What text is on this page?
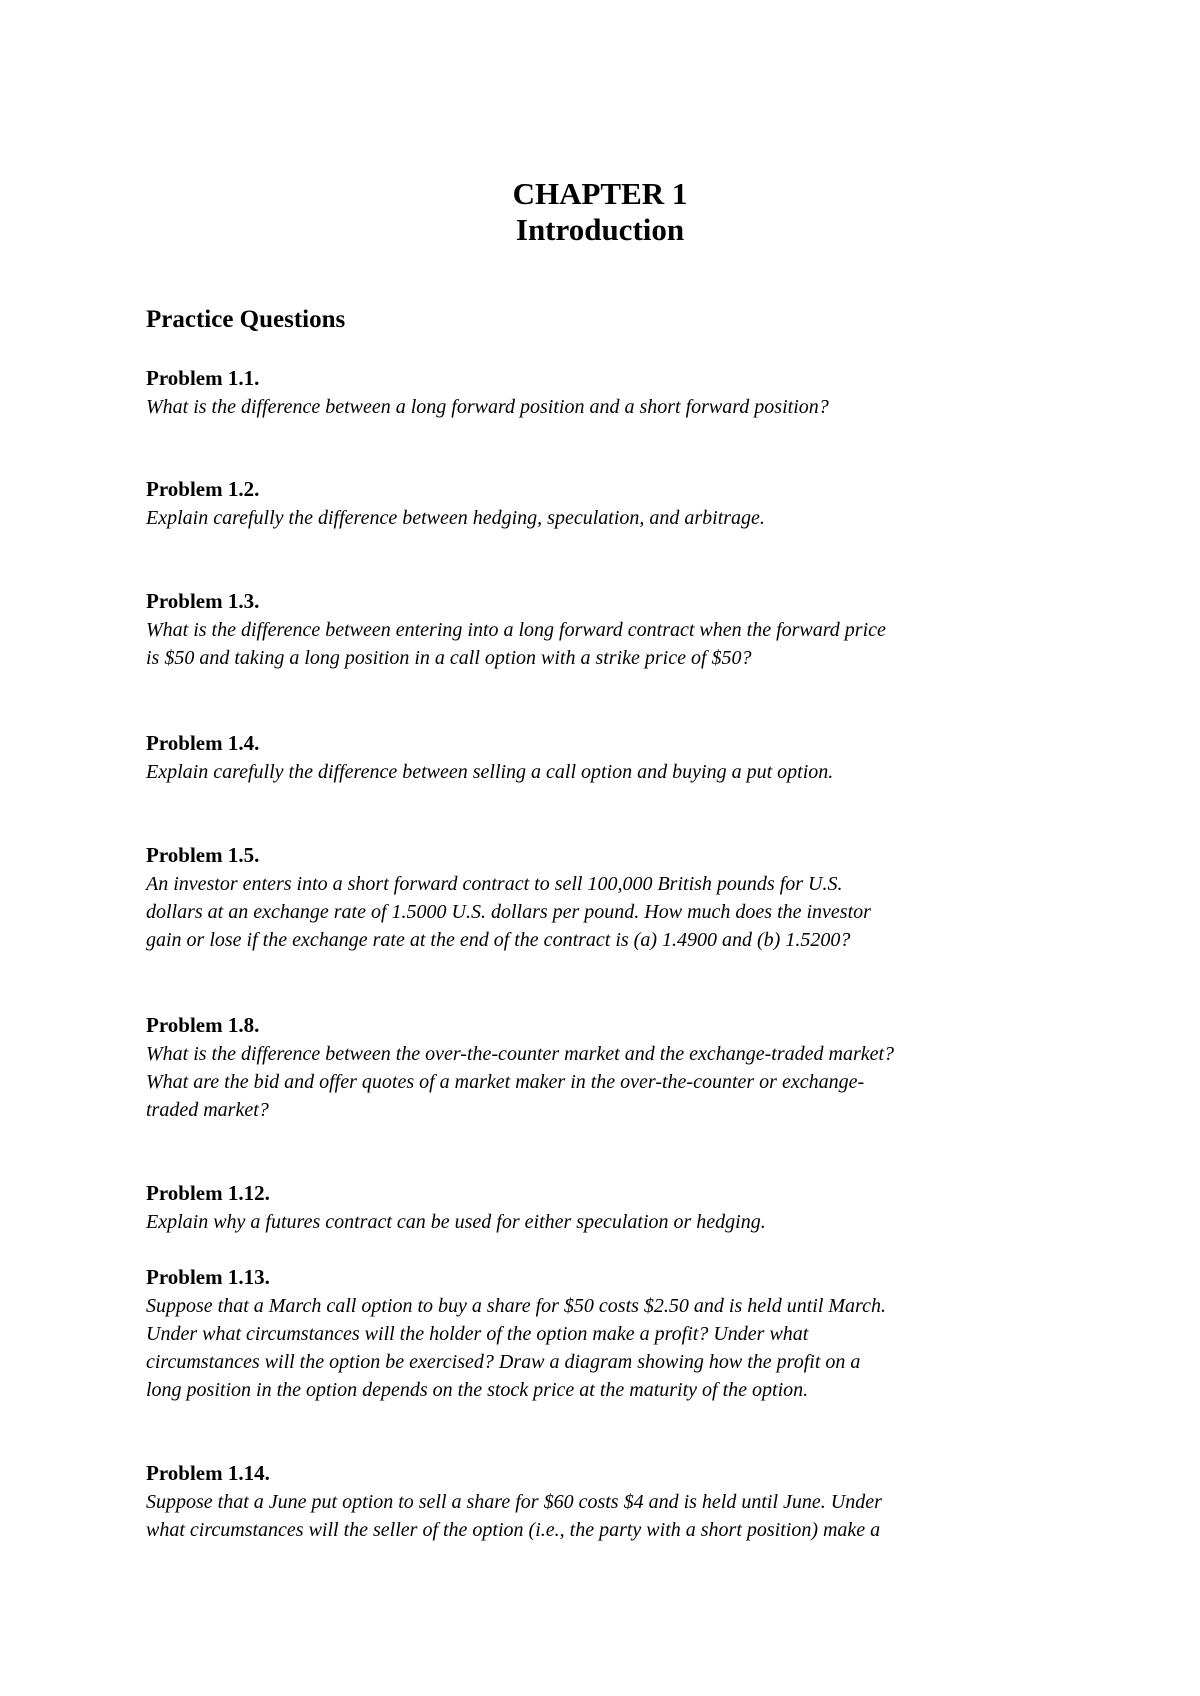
CHAPTER 1
Introduction
Practice Questions
Problem 1.1.
What is the difference between a long forward position and a short forward position?
Problem 1.2.
Explain carefully the difference between hedging, speculation, and arbitrage.
Problem 1.3.
What is the difference between entering into a long forward contract when the forward price
is $50 and taking a long position in a call option with a strike price of $50?
Problem 1.4.
Explain carefully the difference between selling a call option and buying a put option.
Problem 1.5.
An investor enters into a short forward contract to sell 100,000 British pounds for U.S.
dollars at an exchange rate of 1.5000 U.S. dollars per pound. How much does the investor
gain or lose if the exchange rate at the end of the contract is (a) 1.4900 and (b) 1.5200?
Problem 1.8.
What is the difference between the over-the-counter market and the exchange-traded market?
What are the bid and offer quotes of a market maker in the over-the-counter or exchange-
traded market?
Problem 1.12.
Explain why a futures contract can be used for either speculation or hedging.
Problem 1.13.
Suppose that a March call option to buy a share for $50 costs $2.50 and is held until March.
Under what circumstances will the holder of the option make a profit? Under what
circumstances will the option be exercised? Draw a diagram showing how the profit on a
long position in the option depends on the stock price at the maturity of the option.
Problem 1.14.
Suppose that a June put option to sell a share for $60 costs $4 and is held until June. Under
what circumstances will the seller of the option (i.e., the party with a short position) make a
